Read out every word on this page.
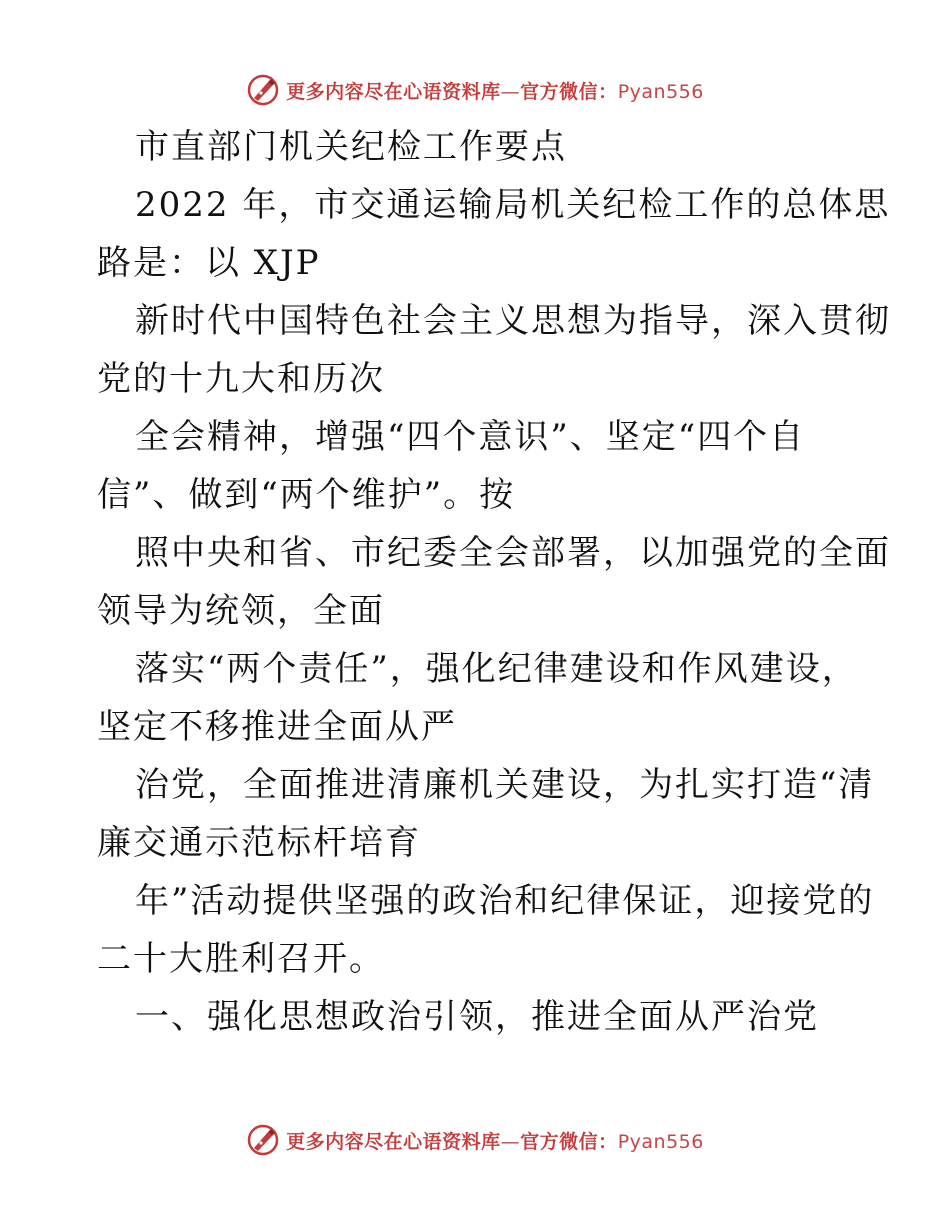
更多内容尽在心语资料库—官方微信：Pyan556
市直部门机关纪检工作要点
2022 年，市交通运输局机关纪检工作的总体思
路是：以 XJP
新时代中国特色社会主义思想为指导，深入贯彻
党的十九大和历次
全会精神，增强“四个意识”、坚定“四个自
信”、做到“两个维护”。按
照中央和省、市纪委全会部署，以加强党的全面
领导为统领，全面
落实“两个责任”，强化纪律建设和作风建设，
坚定不移推进全面从严
治党，全面推进清廉机关建设，为扎实打造“清
廉交通示范标杆培育
年”活动提供坚强的政治和纪律保证，迎接党的
二十大胜利召开。
一、强化思想政治引领，推进全面从严治党
更多内容尽在心语资料库—官方微信：Pyan556
